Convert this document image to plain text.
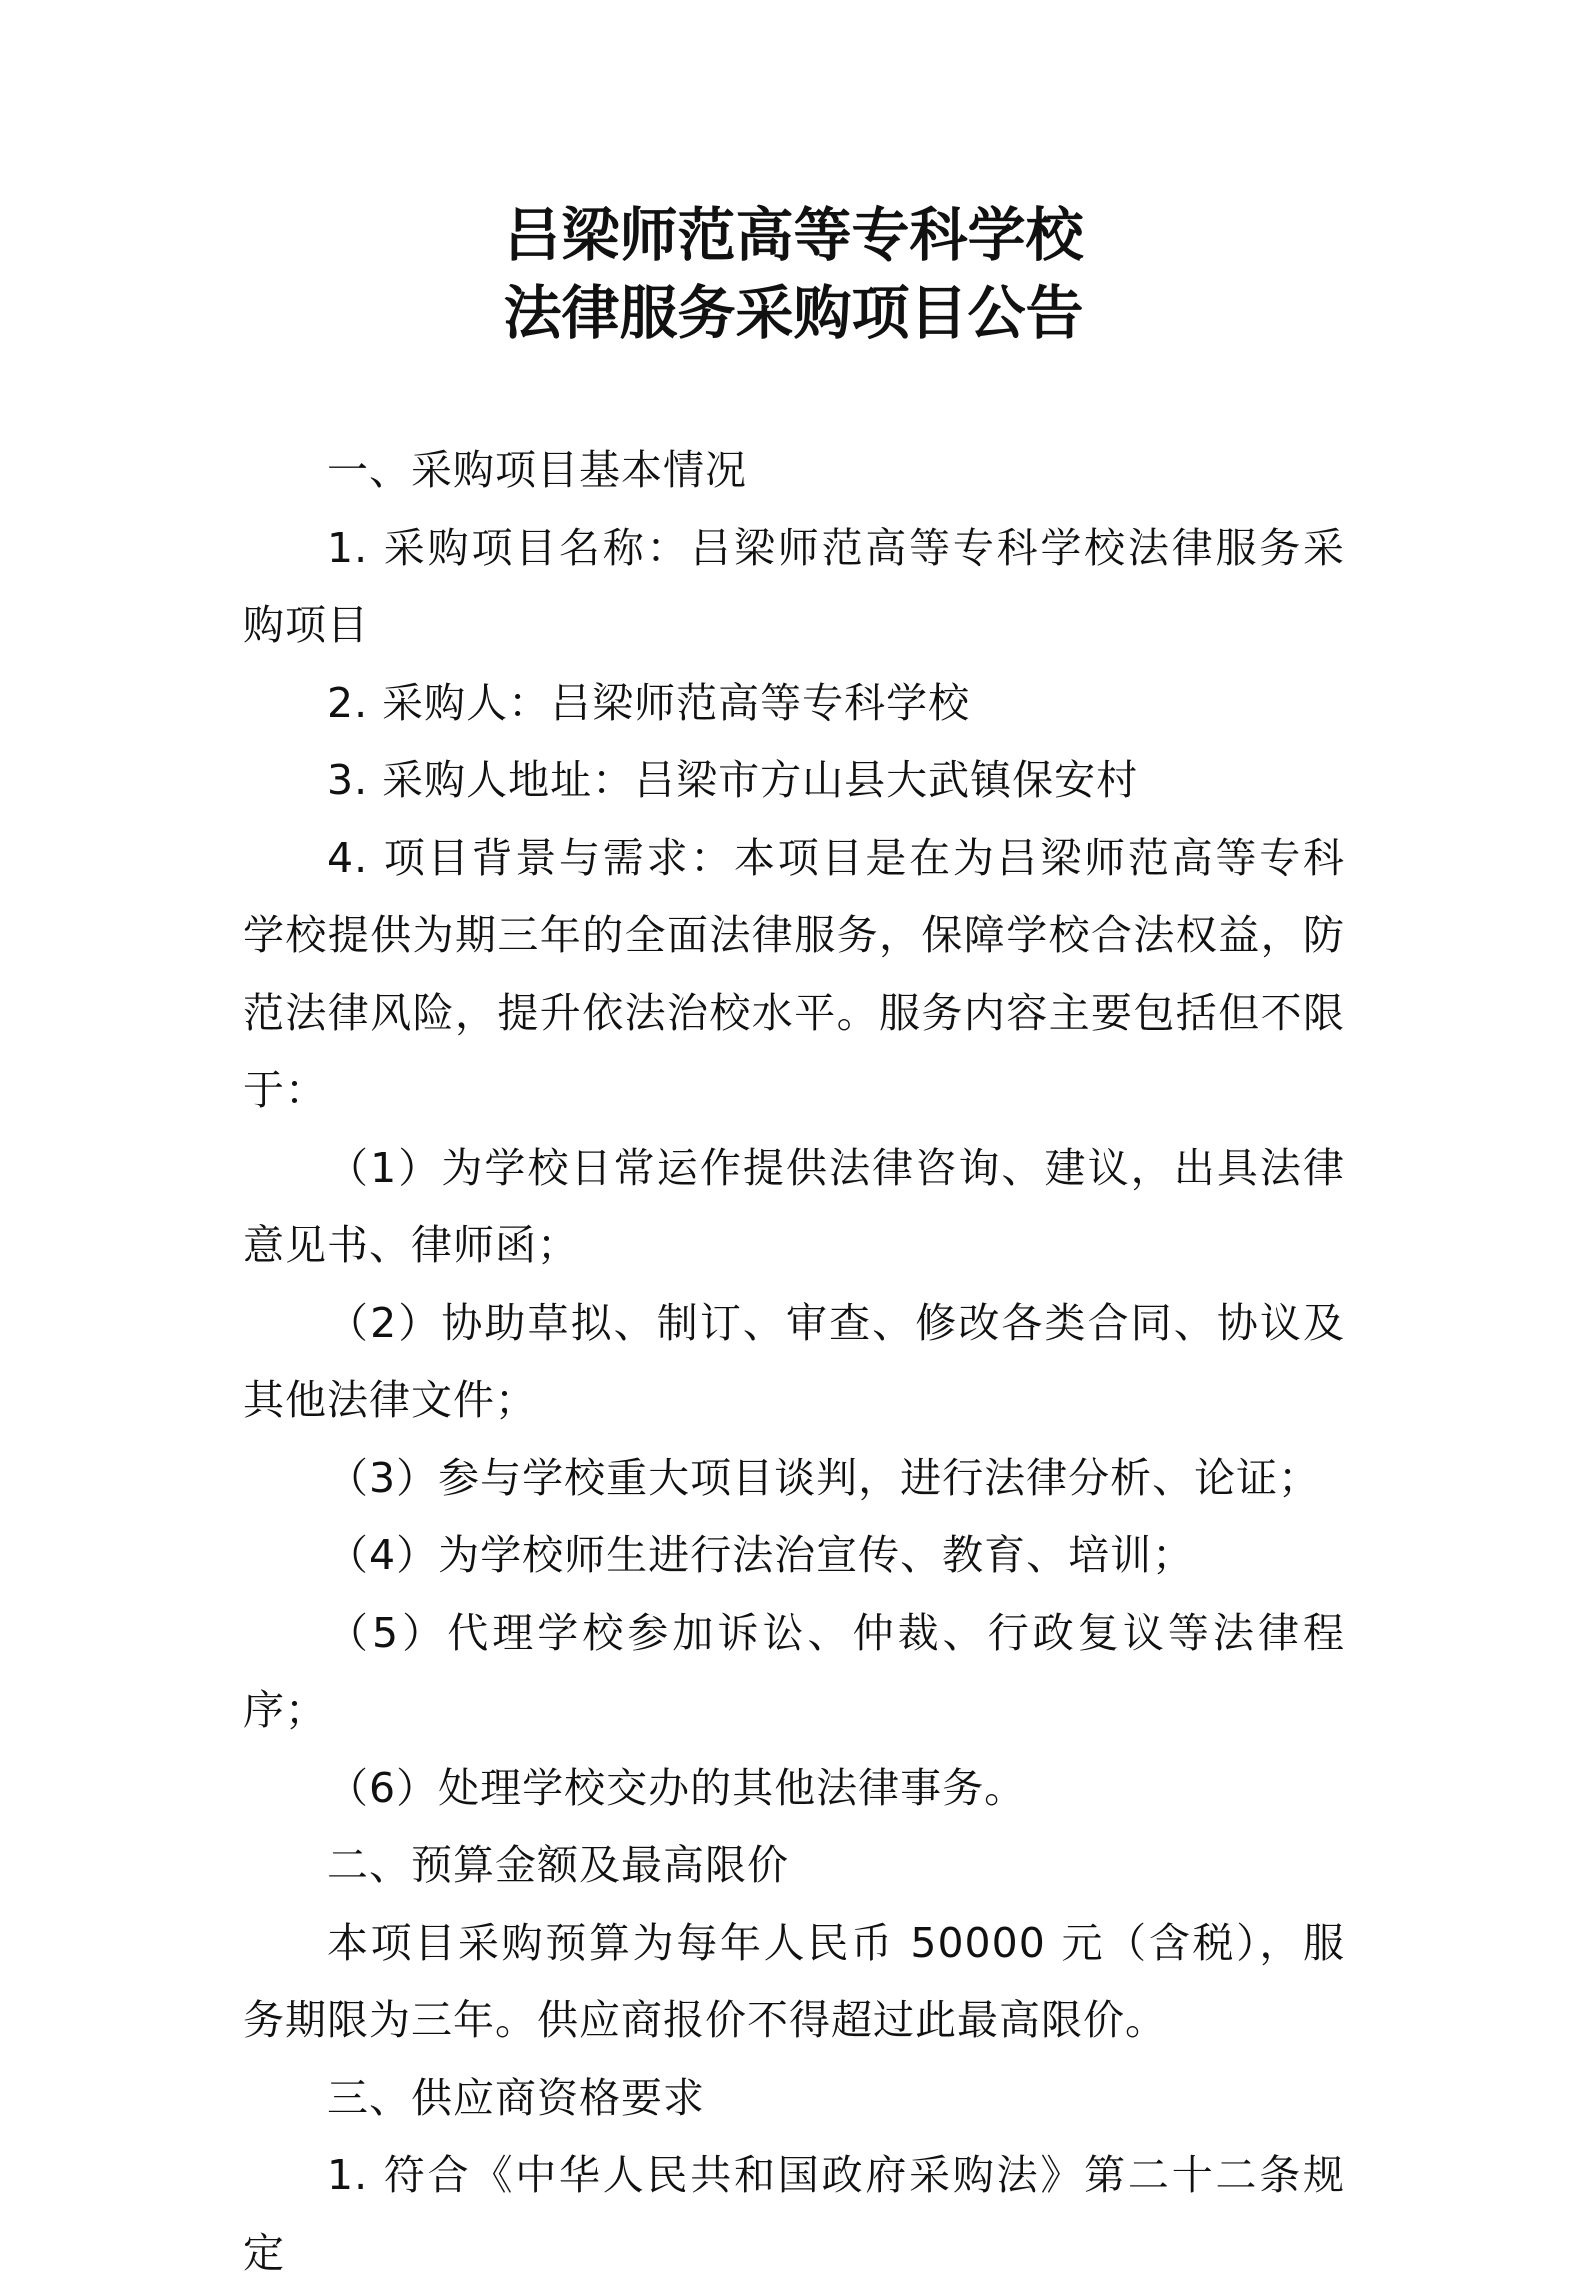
吕梁师范高等专科学校
法律服务采购项目公告

一、采购项目基本情况

1. 采购项目名称：吕梁师范高等专科学校法律服务采购项目

2. 采购人：吕梁师范高等专科学校

3. 采购人地址：吕梁市方山县大武镇保安村

4. 项目背景与需求：本项目是在为吕梁师范高等专科学校提供为期三年的全面法律服务，保障学校合法权益，防范法律风险，提升依法治校水平。服务内容主要包括但不限于：

（1）为学校日常运作提供法律咨询、建议，出具法律意见书、律师函；

（2）协助草拟、制订、审查、修改各类合同、协议及其他法律文件；

（3）参与学校重大项目谈判，进行法律分析、论证；

（4）为学校师生进行法治宣传、教育、培训；

（5）代理学校参加诉讼、仲裁、行政复议等法律程序；

（6）处理学校交办的其他法律事务。

二、预算金额及最高限价

本项目采购预算为每年人民币 50000 元（含税），服务期限为三年。供应商报价不得超过此最高限价。

三、供应商资格要求

1. 符合《中华人民共和国政府采购法》第二十二条规定
